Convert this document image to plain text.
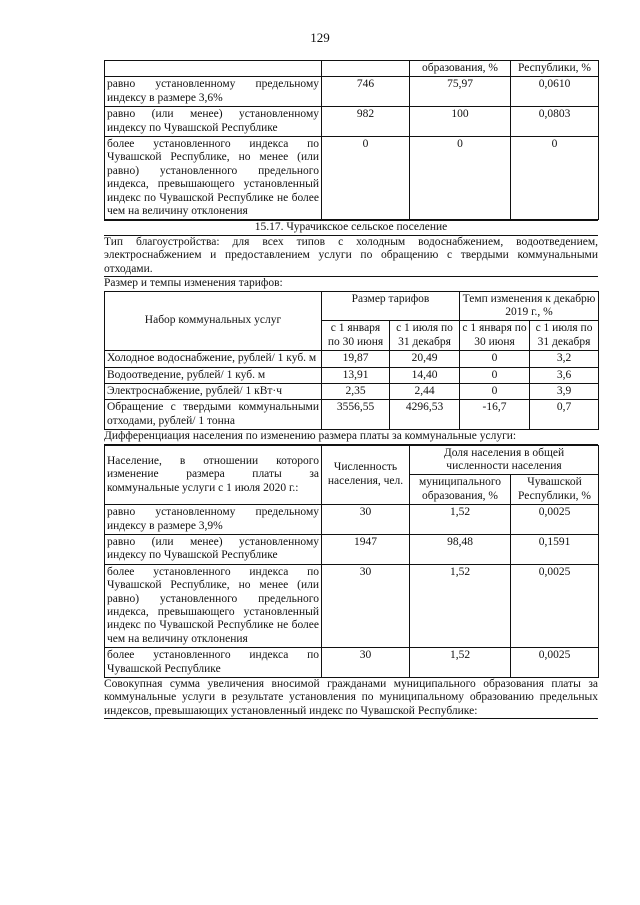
129
		образования, %	Республики, %
равно установленному предельному индексу в размере 3,6%	746	75,97	0,0610
равно (или менее) установленному индексу по Чувашской Республике	982	100	0,0803
более установленного индекса по Чувашской Республике, но менее (или равно) установленного предельного индекса, превышающего установленный индекс по Чувашской Республике не более чем на величину отклонения	0	0	0
15.17. Чурачикское сельское поселение
Тип благоустройства: для всех типов с холодным водоснабжением, водоотведением, электроснабжением и предоставлением услуги по обращению с твердыми коммунальными отходами.
Размер и темпы изменения тарифов:
Набор коммунальных услуг	Размер тарифов		Темп изменения к декабрю 2019 г., %	
	с 1 января по 30 июня	с 1 июля по 31 декабря	с 1 января по 30 июня	с 1 июля по 31 декабря
Холодное водоснабжение, рублей/ 1 куб. м	19,87	20,49	0	3,2
Водоотведение, рублей/ 1 куб. м	13,91	14,40	0	3,6
Электроснабжение, рублей/ 1 кВт·ч	2,35	2,44	0	3,9
Обращение с твердыми коммунальными отходами, рублей/ 1 тонна	3556,55	4296,53	-16,7	0,7
Дифференциация населения по изменению размера платы за коммунальные услуги:
Население, в отношении которого изменение размера платы за коммунальные услуги с 1 июля 2020 г.:	Численность населения, чел.	Доля населения в общей численности населения	
		муниципального образования, %	Чувашской Республики, %
равно установленному предельному индексу в размере 3,9%	30	1,52	0,0025
равно (или менее) установленному индексу по Чувашской Республике	1947	98,48	0,1591
более установленного индекса по Чувашской Республике, но менее (или равно) установленного предельного индекса, превышающего установленный индекс по Чувашской Республике не более чем на величину отклонения	30	1,52	0,0025
более установленного индекса по Чувашской Республике	30	1,52	0,0025
Совокупная сумма увеличения вносимой гражданами муниципального образования платы за коммунальные услуги в результате установления по муниципальному образованию предельных индексов, превышающих установленный индекс по Чувашской Республике:
